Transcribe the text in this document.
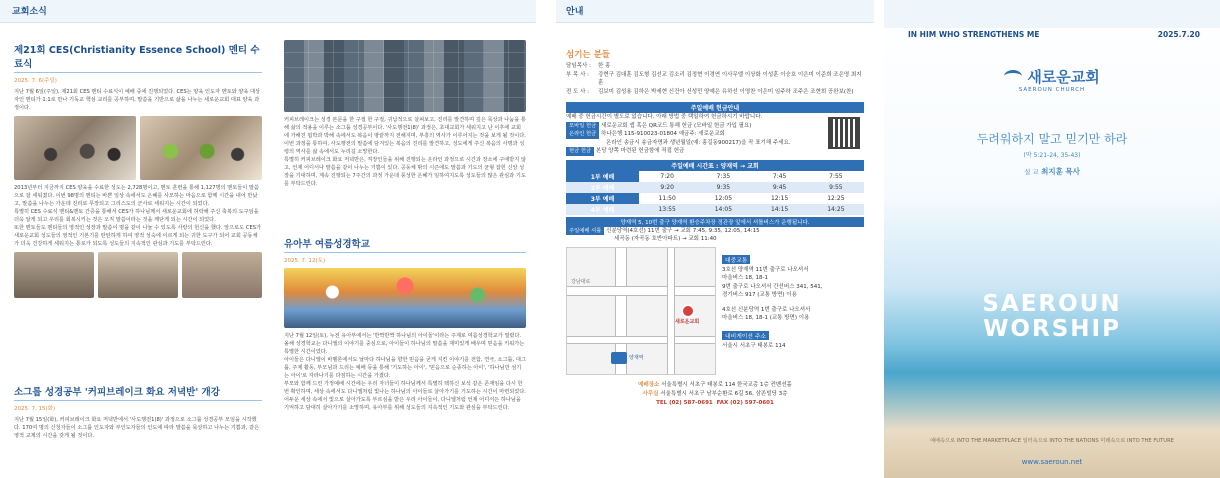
교회소식
제21회 CES(Christianity Essence School) 멘티 수료식
2025. 7. 6(주일)
지난 7월 6일(주일), 제21회 CES 멘티 수료식이 예배 중에 진행되었다. CES는 양육 인도자 멘토와 양육 대상자인 멘티가 1:1로 만나 기독교 핵심 교리를 공부하며, 말씀을 기반으로 삶을 나누는 새로운교회 대표 양육 과정이다.
2013년부터 지금까지 CES 양육을 수료한 성도는 2,728명이고, 멘토 훈련을 통해 1,127명의 멘토들이 말씀으로 잘 세워졌다. 이번 98명의 멘티는 바쁜 일상 속에서도 은혜를 사모하는 마음으로 함께 시간을 내어 만났고, 말씀을 나누는 가운데 진리로 무장되고 그리스도의 군사로 세워지는 시간이 되었다.
특별히 CES 수료식 멘티&멘토 간증을 통해서 CES가 하나님께서 새로운교회에 허락해 주신 축복의 도구임을 더욱 알게 되고 우리를 회복시키는 것은 오직 말씀이라는 것을 깨닫게 되는 시간이 되었다.
또한 멘토들도 멘티들의 영적인 성장과 말씀이 명을 같이 나눌 수 있도록 사랑의 헌신을 했다. 앞으로도 CES가 새로운교회 성도들의 영적인 기본기를 탄탄하게 하여 영적 성숙에 이르게 되는 귀한 도구가 되어 교회 공동체가 더욱 건강하게 세워지는 통로가 되도록 성도들의 지속적인 관심과 기도를 부탁드린다.
소그룹 성경공부 '커피브레이크 화요 저녁반' 개강
2025. 7. 15(화)
지난 7월 15일(화), 커피브레이크 화요 저녁반에서 '사도행전1(8)' 과정으로 소그룹 성경공부 모임을 시작했다. 170여 명의 신청자들이 소그룹 인도자와 부인도자들의 인도에 따라 말씀을 묵상하고 나누는 기쁨과, 같은 영적 교제의 시간을 갖게 될 것이다.
커피브레이크는 성경 본문을 한 구절 한 구절, 귀납적으로 살펴보고, 진리를 발견하며 깊은 묵상과 나눔을 통해 삶의 적용을 이루는 소그룹 성경공부이다. '사도행전1(8)' 과정은, 초대교회가 세워지고 난 이후에 교회에 가해진 핍박과 박해 속에서도 복음이 땅끝까지 전해지며, 부흥의 역사가 이루어지는 것을 보게 될 것이다. 이번 과정을 통하여, 사도행전의 말씀에 담겨있는 복음의 진리를 발견하고, 성도에게 주신 복음의 사명과 성령의 역사를 삶 속에서도 누리길 소망한다.
특별히 커피브레이크 화요 저녁반은, 직장인들을 위해 진행되는 온라인 과정으로 시간과 장소에 구애받지 않고, 언제 어디서나 말씀을 같이 나누는 기쁨이 있다. 공동체 밖의 시즌에도 말씀과 기도의 균형 잡힌 신앙 성장을 기대하며, 계속 진행되는 7주간의 과정 가운데 풍성한 은혜가 임하여지도록 성도들의 많은 관심과 기도를 부탁드린다.
유아부 여름성경학교
2025. 7. 12(토)
지난 7월 12일(토), 누전 유아부에서는 '반짝반짝 하나님의 아이들'이라는 주제로 여름성경학교가 열렸다. 올해 성경학교는 다니엘의 이야기를 중심으로, 아이들이 하나님의 말씀을 재미있게 배우며 믿음을 키워가는 특별한 시간이었다.
아이들은 다니엘이 바벨론에서도 날마다 하나님을 향한 믿음을 굳게 지킨 이야기를 전함, 연극, 소그룹, 대그룹, 주제 활동, 부모님과 드리는 예배 등을 통해 '기도하는 아이', '믿음으로 순종하는 아이', '하나님만 섬기는 아이'로 자라나기를 다짐하는 시간을 가졌다.
부모와 함께 드린 가정예배 시간에는 우리 자녀들이 하나님께서 특별히 택하신 보석 같은 존재임을 다시 한번 확인하며, 세상 속에서도 다니엘처럼 빛나는 하나님의 아이들로 살아가기를 기도하는 시간이 마련되었다.
어두운 세상 속에서 빛으로 살아가도록 부르심을 받은 우리 아이들이, 다니엘처럼 언제 어디서든 하나님을 기억하고 담대히 살아가기를 소망하며, 유아부를 위해 성도들의 지속적인 기도와 관심을 부탁드린다.
안내
섬기는 분들
담임목사 :	한 홍
부 목 사 :	강현구 김대훈 김도형 김선교 김소리 김정현 이경연 이사무엘 이상화 이성훈 이승호 이은미 이준희 조은영 최지훈
전 도 사 :	김보미 김성용 김하은 박세현 신건아 신성민 양예은 유하선 이영찬 이은미 임주하 조주은 조현희 공완보(찬)
주일예배 헌금안내
예배 중 헌금시간이 별도로 없습니다. 아래 방법 중 택일하여 헌금하시기 바랍니다.
모바일 헌금 새로운교회 앱 혹은 QR코드 통해 헌금 (모바일 헌금 가입 필요)
온라인 헌금 하나은행 115-910023-01804 예금주: 새로운교회
온라인 송금시 송금자명과 생년월일(예: 홍길동900217)을 꼭 표기해 주세요.
현금 헌금 본당 양쪽 마련된 헌금함에 직접 헌금
주일예배 시간표 : 양재역 → 교회				
1부 예배	7:20	7:35	7:45	7:55
2부 예배	9:20	9:35	9:45	9:55
3부 예배	11:50	12:05	12:15	12:25
4부 예배	13:55	14:05	14:15	14:25
양재역 5, 10번 출구 양재역 환승주차장 정관장 앞에서 셔틀버스가 운행됩니다.
주일예배 셔틀 신분당역(4호선) 11번 출구 → 교회 7:45, 9:35, 12:05, 14:15
세곡동 (자곡동 호반아파트) → 교회 11:40
새로운교회
양재역
강남대로
대중교통
3호선 양재역 11번 출구로 나오셔서
마을버스 18, 18-1
9번 출구로 나오셔서 간선버스 341, 541,
경기버스 917 (교통 방면) 이용
4호선 신분당역 1번 출구로 나오셔서
마을버스 18, 18-1 (교통 방면) 이용
내비게이션 주소
서울시 서초구 태봉로 114
예배장소 서울특별시 서초구 태봉로 114 한국교총 1층 컨벤션홀
사무실 서울특별시 서초구 남부순환로 6길 56, 삼존빌딩 3층
TEL (02) 587-0691 FAX (02) 597-0601
IN HIM WHO STRENGTHENS ME	2025.7.20
새로운교회
SAEROUN CHURCH
두려워하지 말고 믿기만 하라
(막 5:21-24, 35-43)
설 교 최지훈 목사
SAEROUN
WORSHIP
예배속으로 INTO THE MARKETPLACE 일터속으로 INTO THE NATIONS 미래속으로 INTO THE FUTURE
www.saeroun.net
